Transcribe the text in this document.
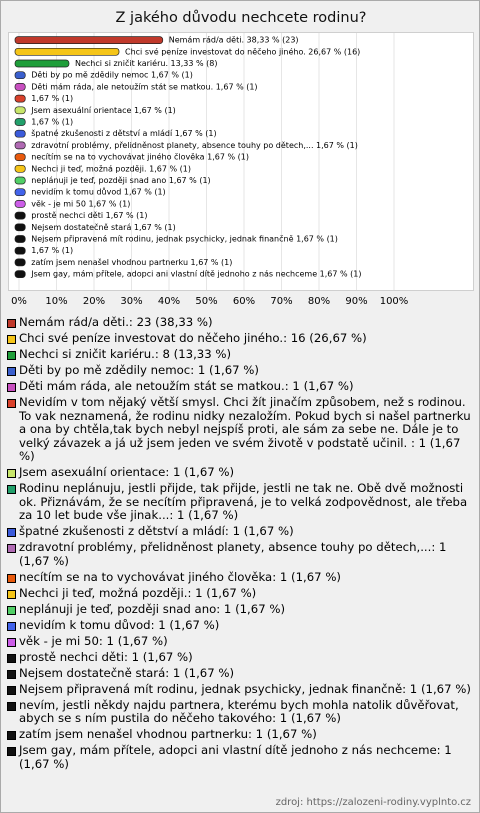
Z jakého důvodu nechcete rodinu?
Nemám rád/a děti. 38,33 % (23)
Chci své peníze investovat do něčeho jiného. 26,67 % (16)
Nechci si zničit kariéru. 13,33 % (8)
Děti by po mě zdědily nemoc 1,67 % (1)
Děti mám ráda, ale netoužím stát se matkou. 1,67 % (1)
1,67 % (1)
Jsem asexuální orientace 1,67 % (1)
1,67 % (1)
špatné zkušenosti z dětství a mládí 1,67 % (1)
zdravotní problémy, přelidněnost planety, absence touhy po dětech,... 1,67 % (1)
necítím se na to vychovávat jiného člověka 1,67 % (1)
Nechci ji teď, možná později. 1,67 % (1)
neplánuji je teď, později snad ano 1,67 % (1)
nevidím k tomu důvod 1,67 % (1)
věk - je mi 50 1,67 % (1)
prostě nechci děti 1,67 % (1)
Nejsem dostatečně stará 1,67 % (1)
Nejsem připravená mít rodinu, jednak psychicky, jednak finančně 1,67 % (1)
1,67 % (1)
zatím jsem nenašel vhodnou partnerku 1,67 % (1)
Jsem gay, mám přítele, adopci ani vlastní dítě jednoho z nás nechceme 1,67 % (1)
0% 10% 20% 30% 40% 50% 60% 70% 80% 90% 100%
Nemám rád/a děti.: 23 (38,33 %)
Chci své peníze investovat do něčeho jiného.: 16 (26,67 %)
Nechci si zničit kariéru.: 8 (13,33 %)
Děti by po mě zdědily nemoc: 1 (1,67 %)
Děti mám ráda, ale netoužím stát se matkou.: 1 (1,67 %)
Nevidím v tom nějaký větší smysl. Chci žít jinačím způsobem, než s rodinou. To vak neznamená, že rodinu nidky nezaložím. Pokud bych si našel partnerku a ona by chtěla,tak bych nebyl nejspíš proti, ale sám za sebe ne. Dále je to velký závazek a já už jsem jeden ve svém životě v podstatě učinil. : 1 (1,67 %)
Jsem asexuální orientace: 1 (1,67 %)
Rodinu neplánuju, jestli přijde, tak přijde, jestli ne tak ne. Obě dvě možnosti ok. Přiznávám, že se necítím připravená, je to velká zodpovědnost, ale třeba za 10 let bude vše jinak...: 1 (1,67 %)
špatné zkušenosti z dětství a mládí: 1 (1,67 %)
zdravotní problémy, přelidněnost planety, absence touhy po dětech,...: 1 (1,67 %)
necítím se na to vychovávat jiného člověka: 1 (1,67 %)
Nechci ji teď, možná později.: 1 (1,67 %)
neplánuji je teď, později snad ano: 1 (1,67 %)
nevidím k tomu důvod: 1 (1,67 %)
věk - je mi 50: 1 (1,67 %)
prostě nechci děti: 1 (1,67 %)
Nejsem dostatečně stará: 1 (1,67 %)
Nejsem připravená mít rodinu, jednak psychicky, jednak finančně: 1 (1,67 %)
nevím, jestli někdy najdu partnera, kterému bych mohla natolik důvěřovat, abych se s ním pustila do něčeho takového: 1 (1,67 %)
zatím jsem nenašel vhodnou partnerku: 1 (1,67 %)
Jsem gay, mám přítele, adopci ani vlastní dítě jednoho z nás nechceme: 1 (1,67 %)
zdroj: https://zalozeni-rodiny.vyplnto.cz
